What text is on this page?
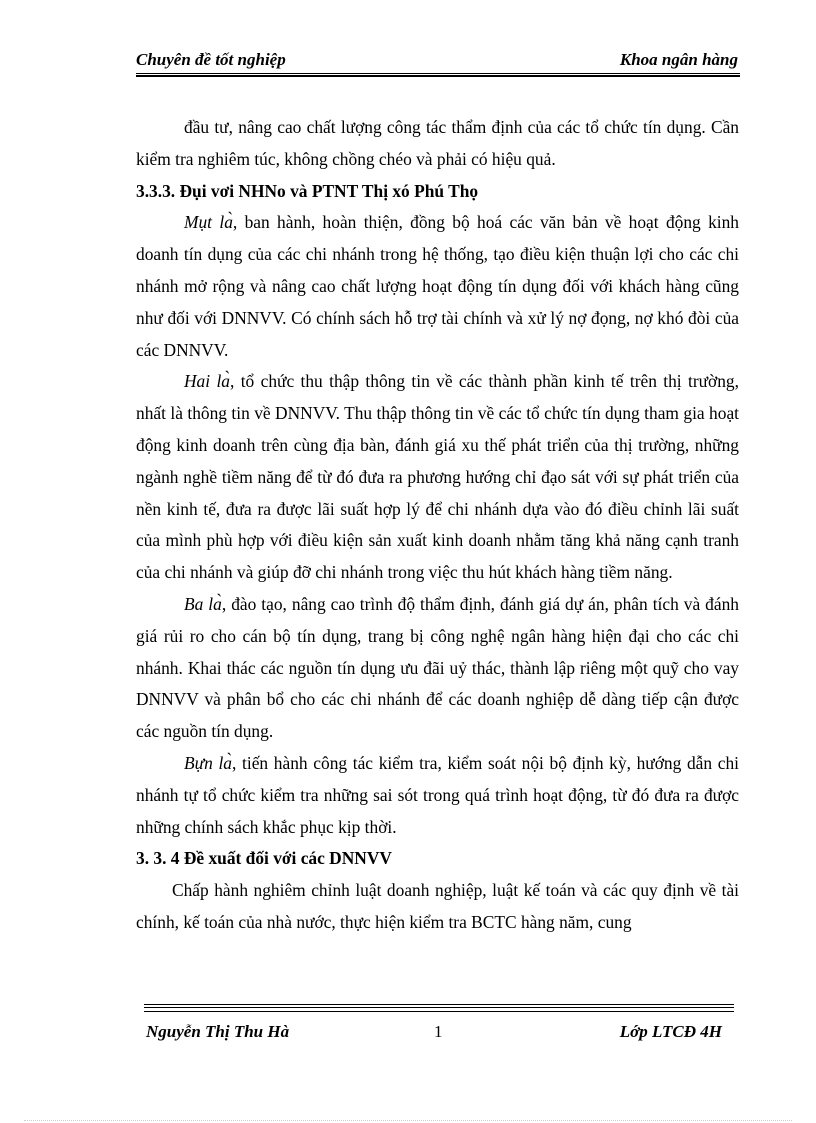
Chuyên đề tốt nghiệp	Khoa ngân hàng

đầu tư, nâng cao chất lượng công tác thẩm định của các tổ chức tín dụng. Cần kiểm tra nghiêm túc, không chồng chéo và phải có hiệu quả.

3.3.3. Đụi vơi NHNo và PTNT Thị xó Phú Thọ

Mụt là, ban hành, hoàn thiện, đồng bộ hoá các văn bản về hoạt động kinh doanh tín dụng của các chi nhánh trong hệ thống, tạo điều kiện thuận lợi cho các chi nhánh mở rộng và nâng cao chất lượng hoạt động tín dụng đối với khách hàng cũng như đối với DNNVV. Có chính sách hỗ trợ tài chính và xử lý nợ đọng, nợ khó đòi của các DNNVV.

Hai là, tổ chức thu thập thông tin về các thành phần kinh tế trên thị trường, nhất là thông tin về DNNVV. Thu thập thông tin về các tổ chức tín dụng tham gia hoạt động kinh doanh trên cùng địa bàn, đánh giá xu thế phát triển của thị trường, những ngành nghề tiềm năng để từ đó đưa ra phương hướng chỉ đạo sát với sự phát triển của nền kinh tế, đưa ra được lãi suất hợp lý để chi nhánh dựa vào đó điều chỉnh lãi suất của mình phù hợp với điều kiện sản xuất kinh doanh nhằm tăng khả năng cạnh tranh của chi nhánh và giúp đỡ chi nhánh trong việc thu hút khách hàng tiềm năng.

Ba là, đào tạo, nâng cao trình độ thẩm định, đánh giá dự án, phân tích và đánh giá rủi ro cho cán bộ tín dụng, trang bị công nghệ ngân hàng hiện đại cho các chi nhánh. Khai thác các nguồn tín dụng ưu đãi uỷ thác, thành lập riêng một quỹ cho vay DNNVV và phân bổ cho các chi nhánh để các doanh nghiệp dễ dàng tiếp cận được các nguồn tín dụng.

Bựn là, tiến hành công tác kiểm tra, kiểm soát nội bộ định kỳ, hướng dẫn chi nhánh tự tổ chức kiểm tra những sai sót trong quá trình hoạt động, từ đó đưa ra được những chính sách khắc phục kịp thời.

3. 3. 4 Đề xuất đối với các DNNVV

Chấp hành nghiêm chỉnh luật doanh nghiệp, luật kế toán và các quy định về tài chính, kế toán của nhà nước, thực hiện kiểm tra BCTC hàng năm, cung

Nguyễn Thị Thu Hà	1	Lớp LTCĐ 4H
